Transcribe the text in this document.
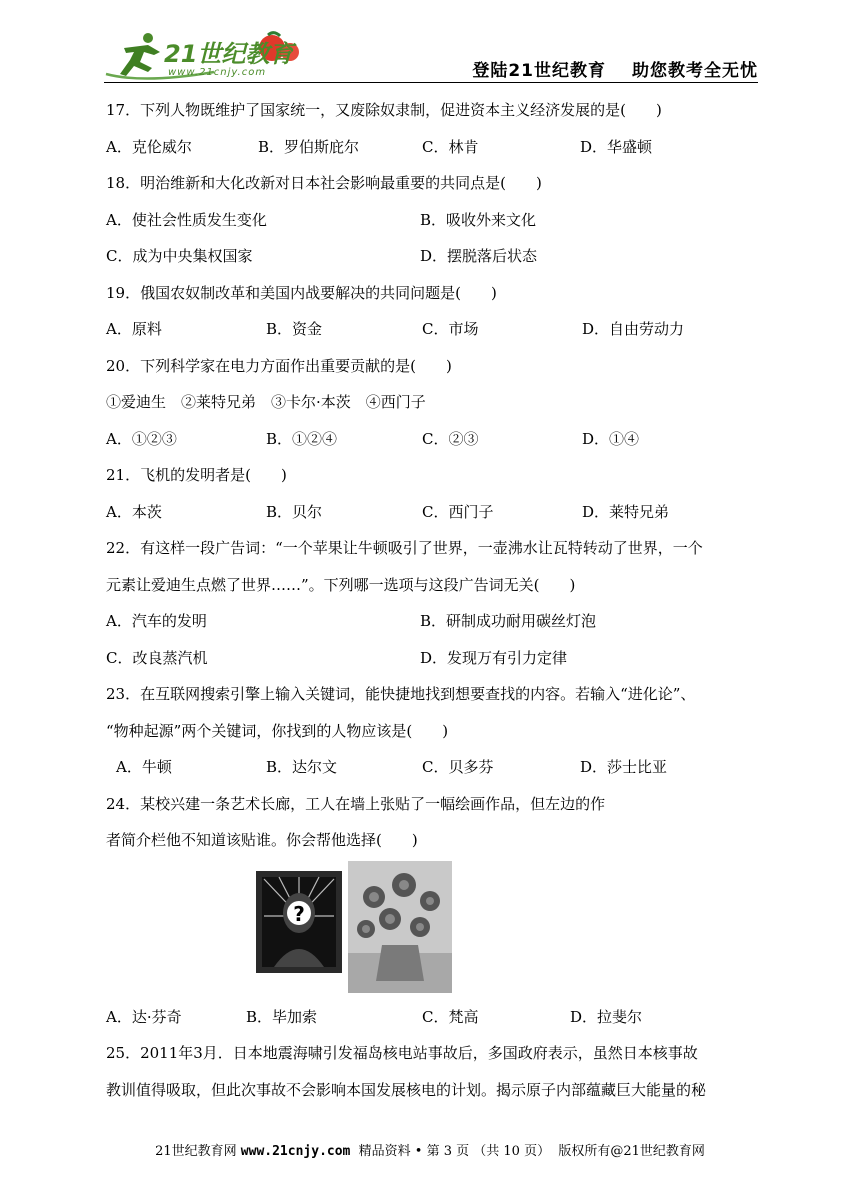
21世纪教育
www.21cnjy.com	登陆21世纪教育 助您教考全无忧
17．下列人物既维护了国家统一，又废除奴隶制，促进资本主义经济发展的是(　　)
A．克伦威尔	B．罗伯斯庇尔	C．林肯	D．华盛顿
18．明治维新和大化改新对日本社会影响最重要的共同点是(　　)
A．使社会性质发生变化	B．吸收外来文化
C．成为中央集权国家	D．摆脱落后状态
19．俄国农奴制改革和美国内战要解决的共同问题是(　　)
A．原料	B．资金	C．市场	D．自由劳动力
20．下列科学家在电力方面作出重要贡献的是(　　)
①爱迪生　②莱特兄弟　③卡尔·本茨　④西门子
A．①②③	B．①②④	C．②③	D．①④
21．飞机的发明者是(　　)
A．本茨	B．贝尔	C．西门子	D．莱特兄弟
22．有这样一段广告词：“一个苹果让牛顿吸引了世界，一壶沸水让瓦特转动了世界，一个
元素让爱迪生点燃了世界……”。下列哪一选项与这段广告词无关(　　)
A．汽车的发明	B．研制成功耐用碳丝灯泡
C．改良蒸汽机	D．发现万有引力定律
23．在互联网搜索引擎上输入关键词，能快捷地找到想要查找的内容。若输入“进化论”、
“物种起源”两个关键词，你找到的人物应该是(　　)
A．牛顿	B．达尔文	C．贝多芬	D．莎士比亚
24．某校兴建一条艺术长廊，工人在墙上张贴了一幅绘画作品，但左边的作
者简介栏他不知道该贴谁。你会帮他选择(　　)
?
A．达·芬奇	B．毕加索	C．梵高	D．拉斐尔
25．2011年3月．日本地震海啸引发福岛核电站事故后，多国政府表示，虽然日本核事故
教训值得吸取，但此次事故不会影响本国发展核电的计划。揭示原子内部蕴藏巨大能量的秘
21世纪教育网 www.21cnjy.com 精品资料 • 第 3 页 （共 10 页） 版权所有@21世纪教育网
